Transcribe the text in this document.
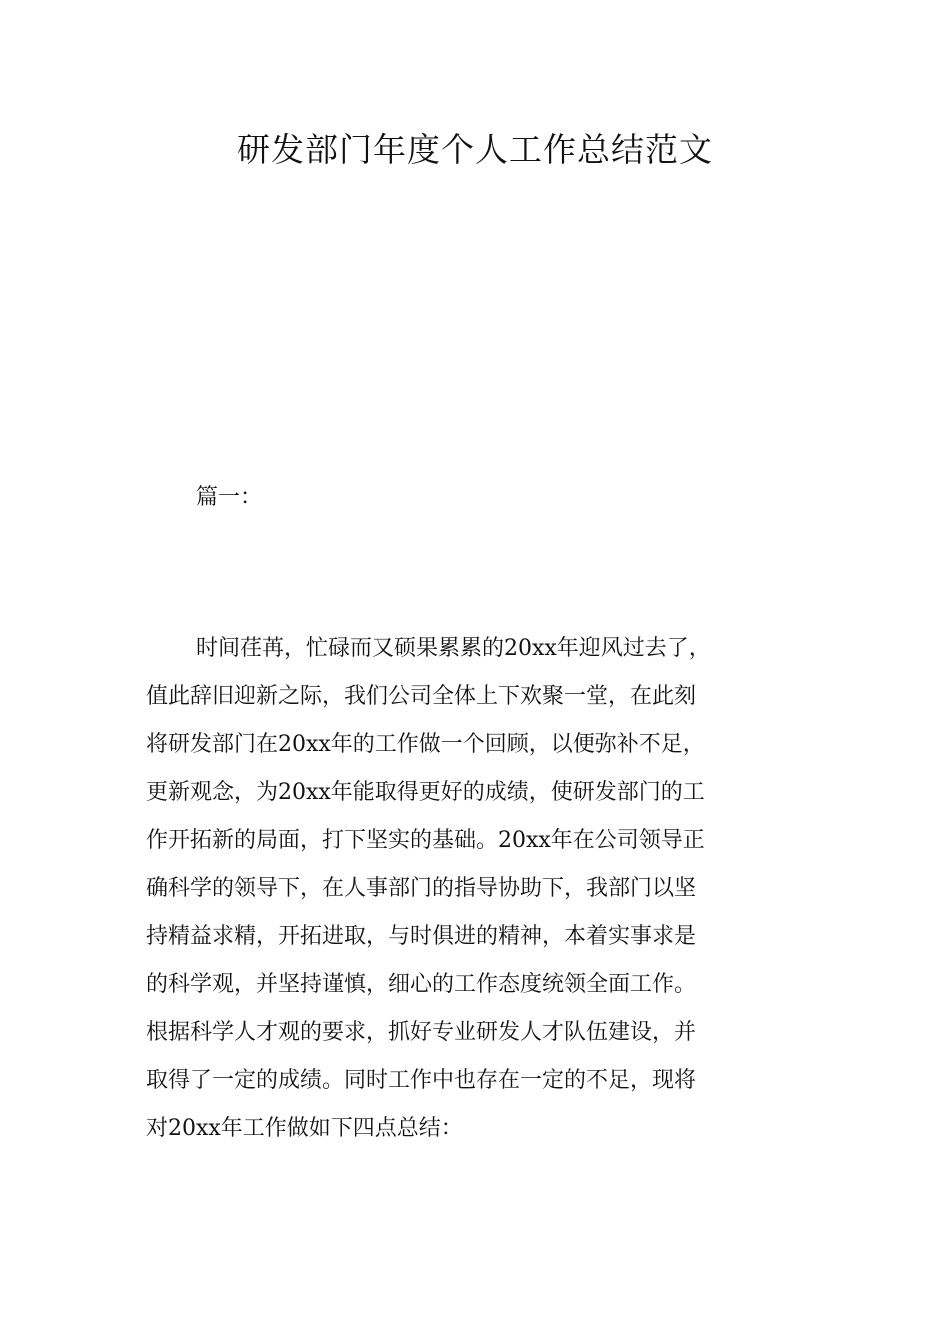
研发部门年度个人工作总结范文
篇一：

时间荏苒，忙碌而又硕果累累的20xx年迎风过去了，
值此辞旧迎新之际，我们公司全体上下欢聚一堂，在此刻
将研发部门在20xx年的工作做一个回顾，以便弥补不足，
更新观念，为20xx年能取得更好的成绩，使研发部门的工
作开拓新的局面，打下坚实的基础。20xx年在公司领导正
确科学的领导下，在人事部门的指导协助下，我部门以坚
持精益求精，开拓进取，与时俱进的精神，本着实事求是
的科学观，并坚持谨慎，细心的工作态度统领全面工作。
根据科学人才观的要求，抓好专业研发人才队伍建设，并
取得了一定的成绩。同时工作中也存在一定的不足，现将
对20xx年工作做如下四点总结：
